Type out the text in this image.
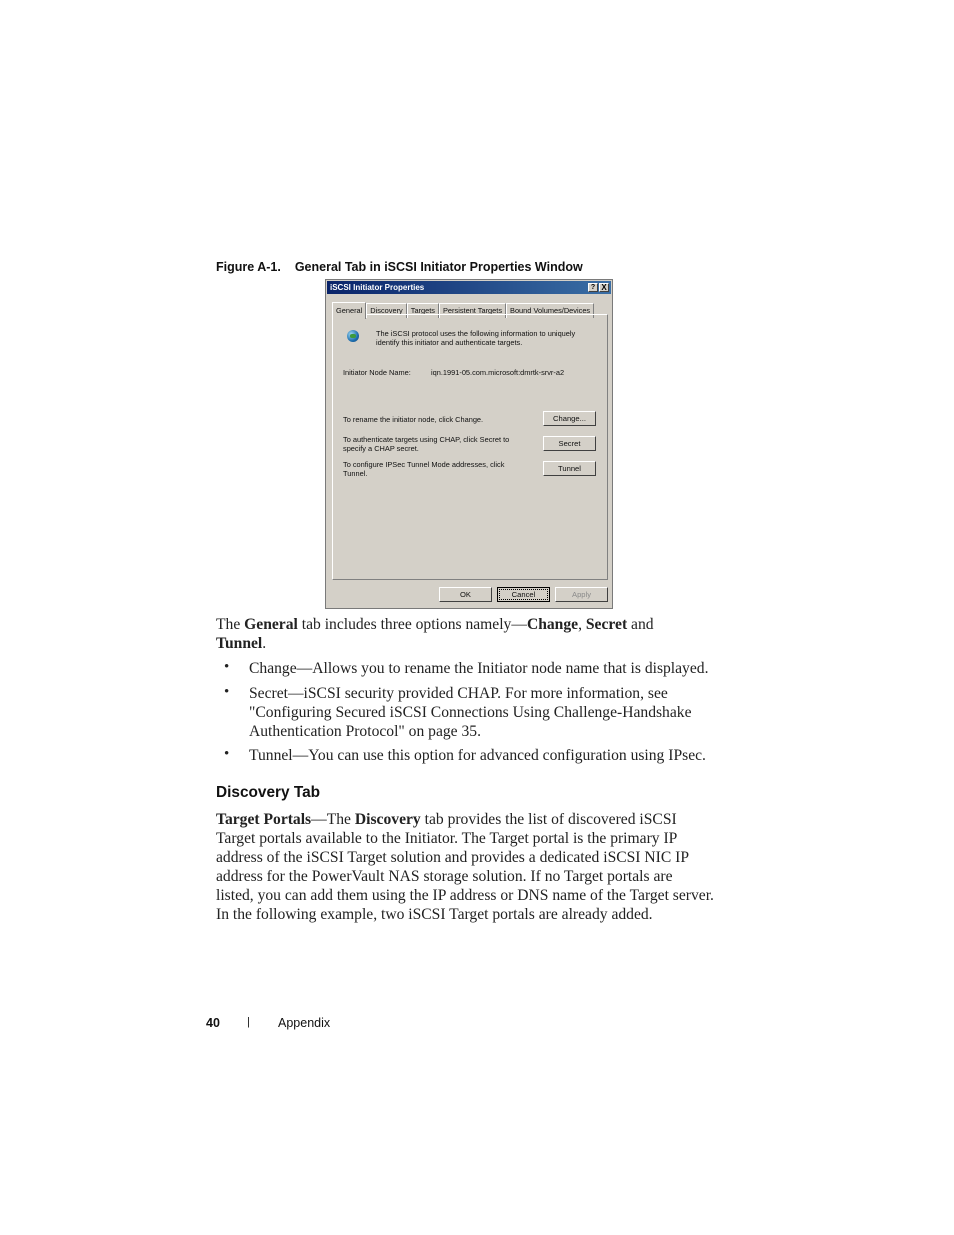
Figure A-1. General Tab in iSCSI Initiator Properties Window
iSCSI Initiator Properties	? X
General Discovery Targets Persistent Targets Bound Volumes/Devices
The iSCSI protocol uses the following information to uniquely
identify this initiator and authenticate targets.
Initiator Node Name:	iqn.1991-05.com.microsoft:dmrtk-srvr-a2
To rename the initiator node, click Change.	Change...
To authenticate targets using CHAP, click Secret to
specify a CHAP secret.
Secret
To configure IPSec Tunnel Mode addresses, click
Tunnel.
Tunnel
OK	Cancel	Apply
The General tab includes three options namely—Change, Secret and
Tunnel.
• Change—Allows you to rename the Initiator node name that is displayed.
• Secret—iSCSI security provided CHAP. For more information, see "Configuring Secured iSCSI Connections Using Challenge-Handshake Authentication Protocol" on page 35.
• Tunnel—You can use this option for advanced configuration using IPsec.
Discovery Tab
Target Portals—The Discovery tab provides the list of discovered iSCSI Target portals available to the Initiator. The Target portal is the primary IP address of the iSCSI Target solution and provides a dedicated iSCSI NIC IP address for the PowerVault NAS storage solution. If no Target portals are listed, you can add them using the IP address or DNS name of the Target server. In the following example, two iSCSI Target portals are already added.
40 | Appendix
